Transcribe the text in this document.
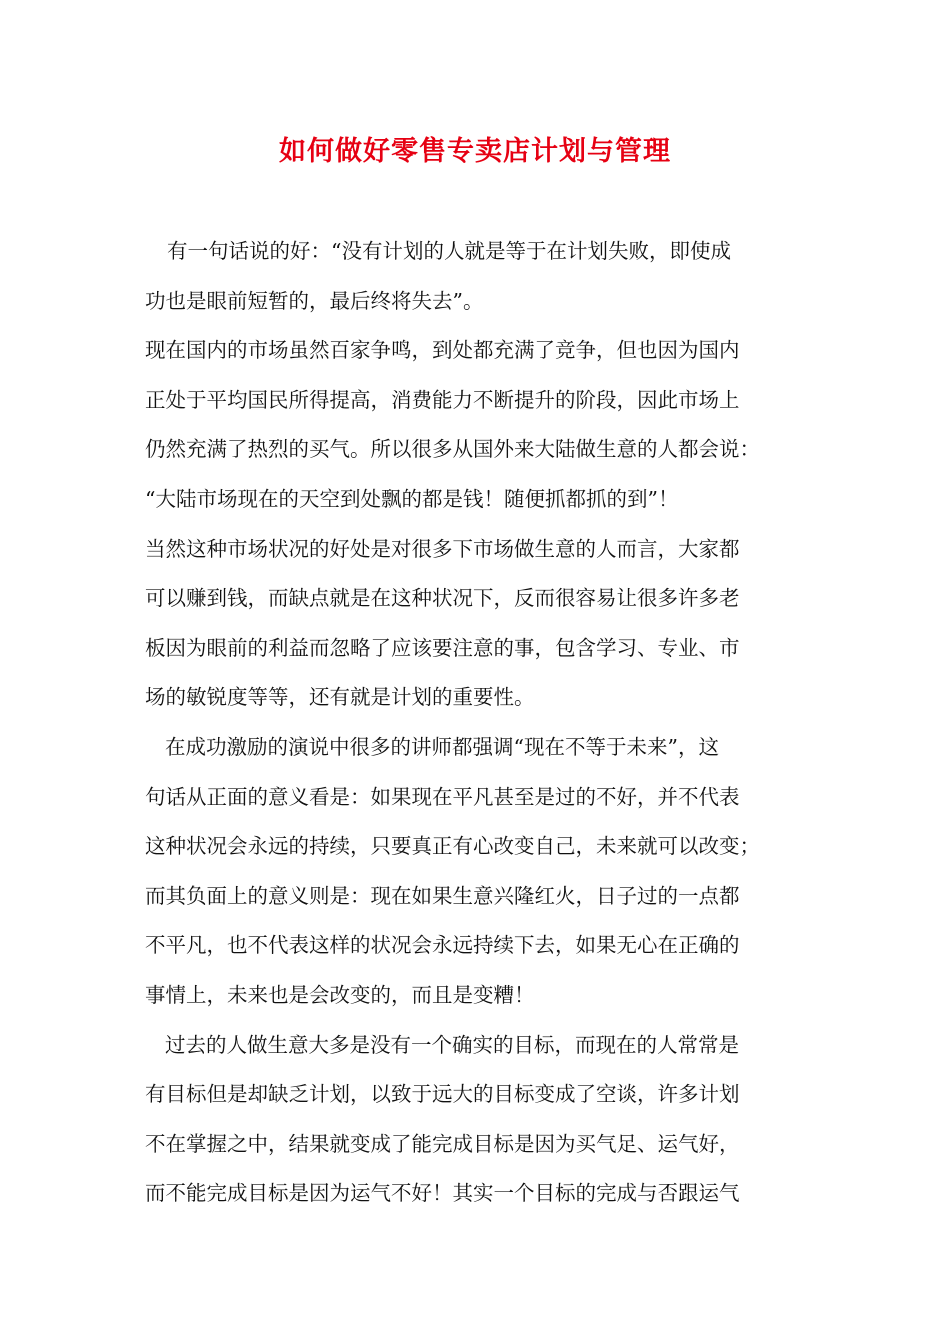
如何做好零售专卖店计划与管理
有一句话说的好：“没有计划的人就是等于在计划失败，即使成
功也是眼前短暂的，最后终将失去”。
现在国内的市场虽然百家争鸣，到处都充满了竞争，但也因为国内
正处于平均国民所得提高，消费能力不断提升的阶段，因此市场上
仍然充满了热烈的买气。所以很多从国外来大陆做生意的人都会说：
“大陆市场现在的天空到处飘的都是钱！随便抓都抓的到”！
当然这种市场状况的好处是对很多下市场做生意的人而言，大家都
可以赚到钱，而缺点就是在这种状况下，反而很容易让很多许多老
板因为眼前的利益而忽略了应该要注意的事，包含学习、专业、市
场的敏锐度等等，还有就是计划的重要性。
在成功激励的演说中很多的讲师都强调“现在不等于未来”，这
句话从正面的意义看是：如果现在平凡甚至是过的不好，并不代表
这种状况会永远的持续，只要真正有心改变自己，未来就可以改变；
而其负面上的意义则是：现在如果生意兴隆红火，日子过的一点都
不平凡，也不代表这样的状况会永远持续下去，如果无心在正确的
事情上，未来也是会改变的，而且是变糟！
过去的人做生意大多是没有一个确实的目标，而现在的人常常是
有目标但是却缺乏计划，以致于远大的目标变成了空谈，许多计划
不在掌握之中，结果就变成了能完成目标是因为买气足、运气好，
而不能完成目标是因为运气不好！其实一个目标的完成与否跟运气
